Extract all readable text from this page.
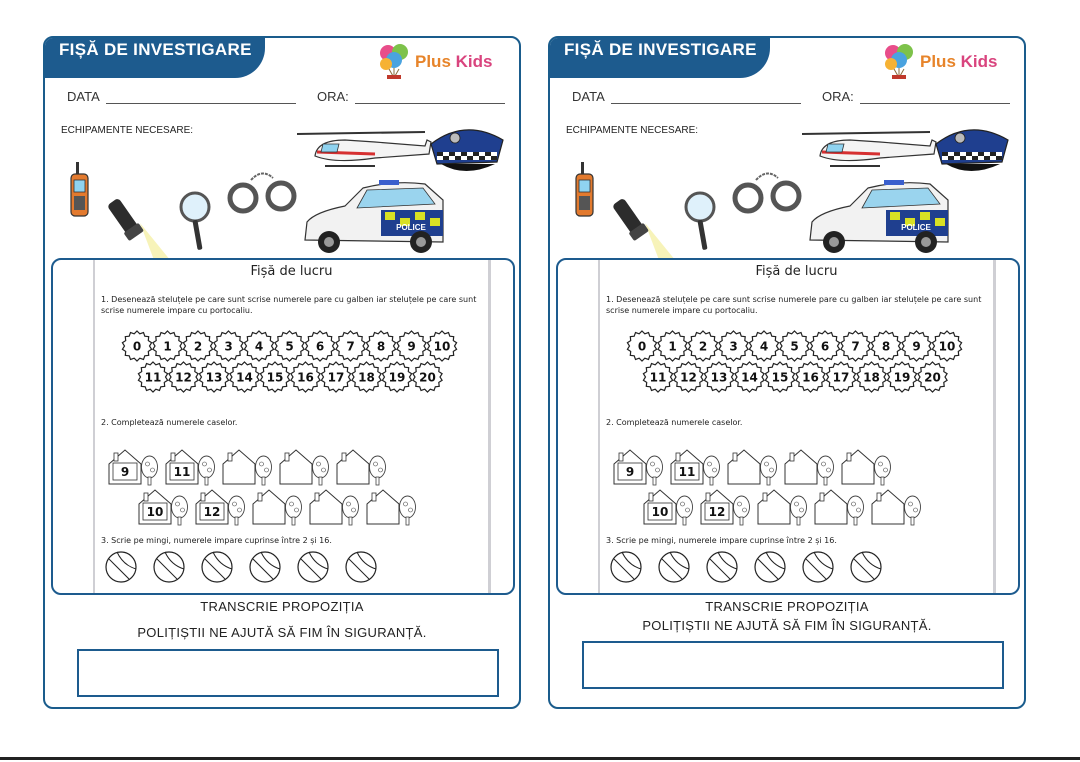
FIȘĂ DE INVESTIGARE
Plus Kids
DATA	ORA:
ECHIPAMENTE NECESARE:
POLICE
Fișă de lucru
1. Desenează steluțele pe care sunt scrise numerele pare cu galben iar steluțele pe care sunt scrise numerele impare cu portocaliu.
2. Completează numerele caselor.
3. Scrie pe mingi, numerele impare cuprinse între 2 și 16.
0 1 2 3 4 5 6 7 8 9 10
11 12 13 14 15 16 17 18 19 20
9	11
10	12
TRANSCRIE PROPOZIȚIA
POLIȚIȘTII NE AJUTĂ SĂ FIM ÎN SIGURANȚĂ.
FIȘĂ DE INVESTIGARE
Plus Kids
DATA	ORA:
ECHIPAMENTE NECESARE:
POLICE
Fișă de lucru
1. Desenează steluțele pe care sunt scrise numerele pare cu galben iar steluțele pe care sunt scrise numerele impare cu portocaliu.
2. Completează numerele caselor.
3. Scrie pe mingi, numerele impare cuprinse între 2 și 16.
0 1 2 3 4 5 6 7 8 9 10
11 12 13 14 15 16 17 18 19 20
9	11
10	12
TRANSCRIE PROPOZIȚIA
POLIȚIȘTII NE AJUTĂ SĂ FIM ÎN SIGURANȚĂ.
